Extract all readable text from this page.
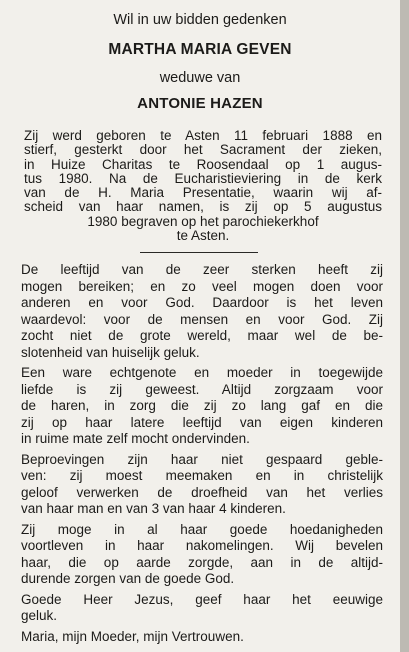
Wil in uw bidden gedenken
MARTHA MARIA GEVEN
weduwe van
ANTONIE HAZEN
Zij werd geboren te Asten 11 februari 1888 en
stierf, gesterkt door het Sacrament der zieken,
in Huize Charitas te Roosendaal op 1 augus-
tus 1980. Na de Eucharistieviering in de kerk
van de H. Maria Presentatie, waarin wij af-
scheid van haar namen, is zij op 5 augustus
1980 begraven op het parochiekerkhof
te Asten.
De leeftijd van de zeer sterken heeft zij
mogen bereiken; en zo veel mogen doen voor
anderen en voor God. Daardoor is het leven
waardevol: voor de mensen en voor God. Zij
zocht niet de grote wereld, maar wel de be-
slotenheid van huiselijk geluk.
Een ware echtgenote en moeder in toegewijde
liefde is zij geweest. Altijd zorgzaam voor
de haren, in zorg die zij zo lang gaf en die
zij op haar latere leeftijd van eigen kinderen
in ruime mate zelf mocht ondervinden.
Beproevingen zijn haar niet gespaard geble-
ven: zij moest meemaken en in christelijk
geloof verwerken de droefheid van het verlies
van haar man en van 3 van haar 4 kinderen.
Zij moge in al haar goede hoedanigheden
voortleven in haar nakomelingen. Wij bevelen
haar, die op aarde zorgde, aan in de altijd-
durende zorgen van de goede God.
Goede Heer Jezus, geef haar het eeuwige
geluk.
Maria, mijn Moeder, mijn Vertrouwen.
